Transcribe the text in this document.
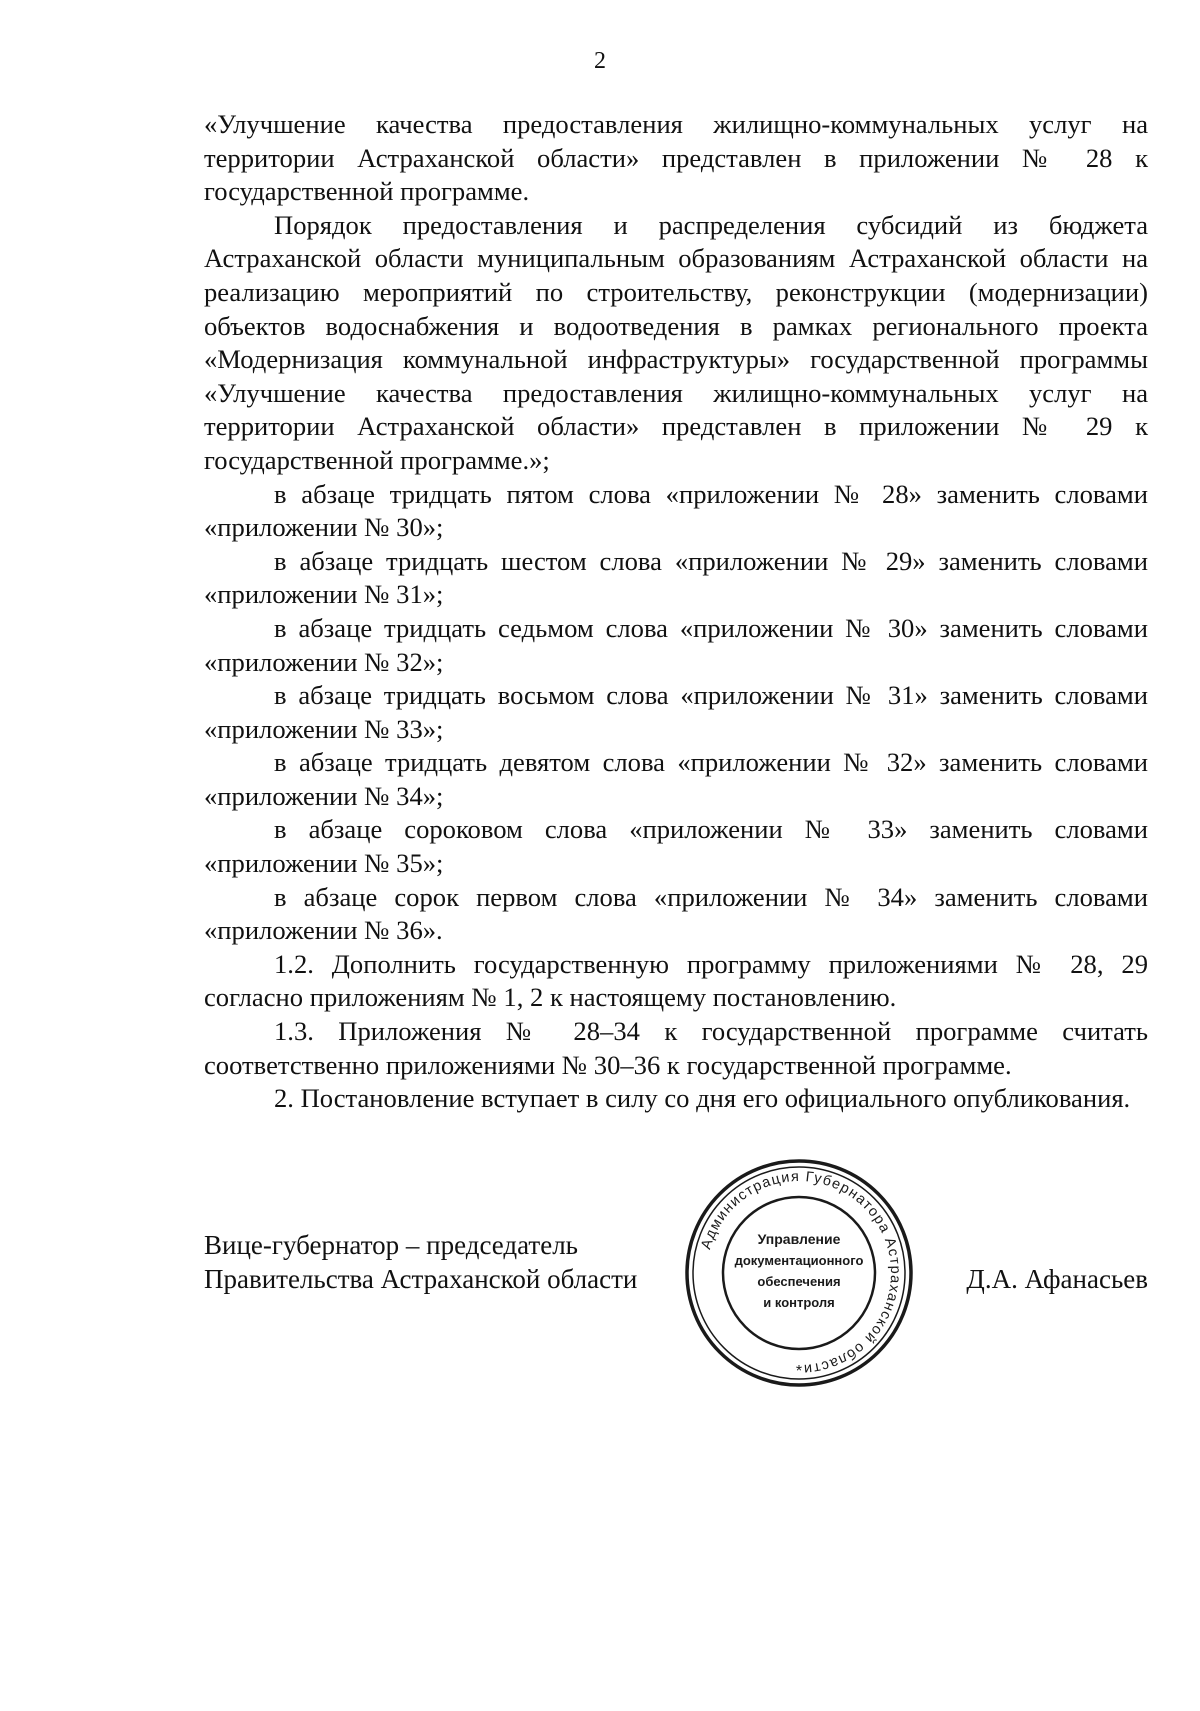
2

«Улучшение качества предоставления жилищно-коммунальных услуг на территории Астраханской области» представлен в приложении № 28 к государственной программе.

Порядок предоставления и распределения субсидий из бюджета Астраханской области муниципальным образованиям Астраханской области на реализацию мероприятий по строительству, реконструкции (модернизации) объектов водоснабжения и водоотведения в рамках регионального проекта «Модернизация коммунальной инфраструктуры» государственной программы «Улучшение качества предоставления жилищно-коммунальных услуг на территории Астраханской области» представлен в приложении № 29 к государственной программе.»;

в абзаце тридцать пятом слова «приложении № 28» заменить словами «приложении № 30»;

в абзаце тридцать шестом слова «приложении № 29» заменить словами «приложении № 31»;

в абзаце тридцать седьмом слова «приложении № 30» заменить словами «приложении № 32»;

в абзаце тридцать восьмом слова «приложении № 31» заменить словами «приложении № 33»;

в абзаце тридцать девятом слова «приложении № 32» заменить словами «приложении № 34»;

в абзаце сороковом слова «приложении № 33» заменить словами «приложении № 35»;

в абзаце сорок первом слова «приложении № 34» заменить словами «приложении № 36».

1.2. Дополнить государственную программу приложениями № 28, 29 согласно приложениям № 1, 2 к настоящему постановлению.

1.3. Приложения № 28–34 к государственной программе считать соответственно приложениями № 30–36 к государственной программе.

2. Постановление вступает в силу со дня его официального опубликования.

Вице-губернатор – председатель
Правительства Астраханской области
Администрация Губернатора Астраханской области
*
Управление
документационного
обеспечения
и контроля
Д.А. Афанасьев
